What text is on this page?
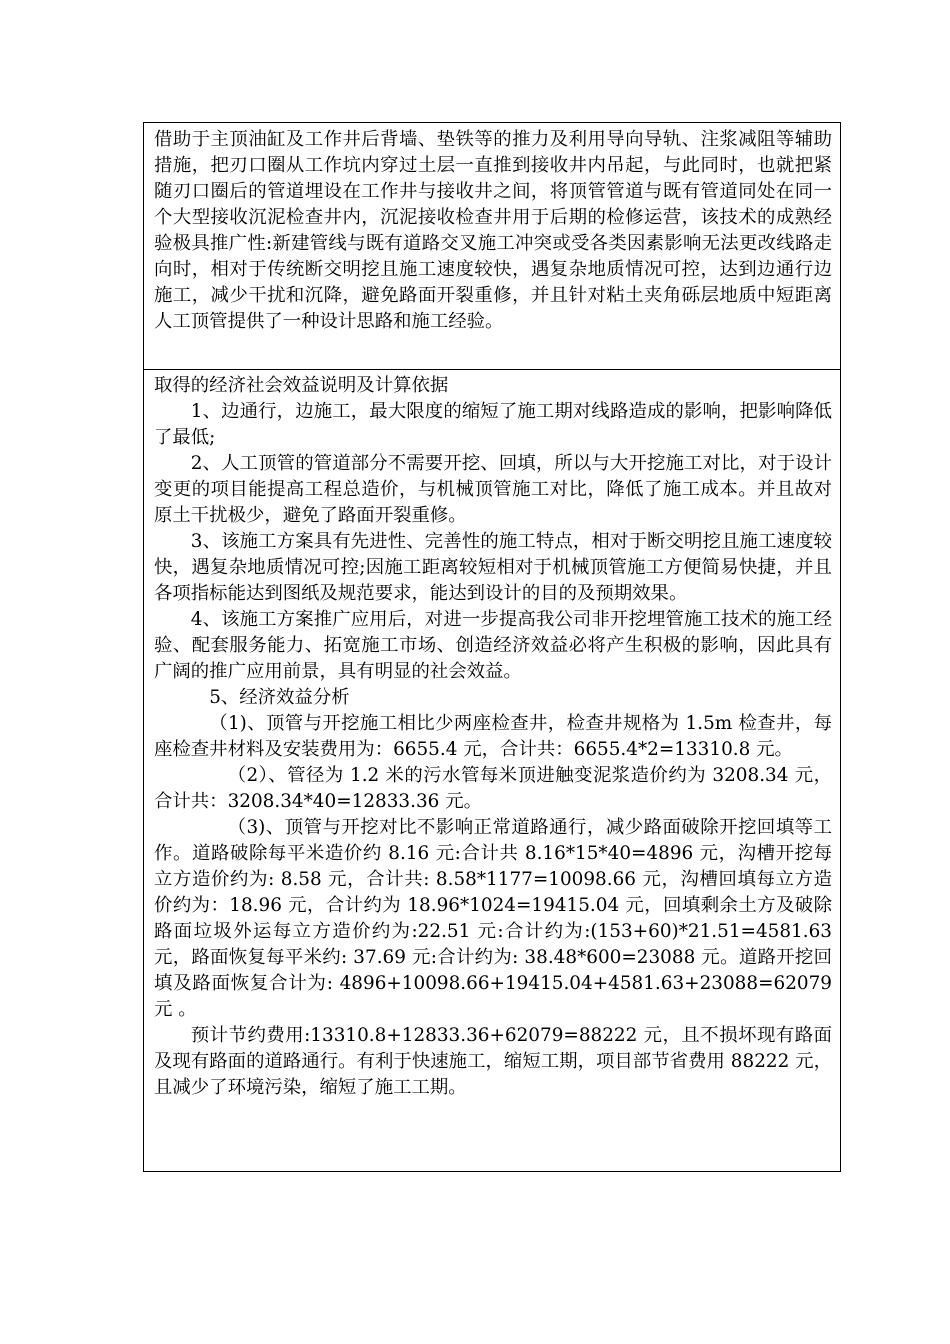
借助于主顶油缸及工作井后背墙、垫铁等的推力及利用导向导轨、注浆减阻等辅助措施，把刃口圈从工作坑内穿过土层一直推到接收井内吊起，与此同时，也就把紧随刃口圈后的管道埋设在工作井与接收井之间，将顶管管道与既有管道同处在同一个大型接收沉泥检查井内，沉泥接收检查井用于后期的检修运营，该技术的成熟经验极具推广性:新建管线与既有道路交叉施工冲突或受各类因素影响无法更改线路走向时，相对于传统断交明挖且施工速度较快，遇复杂地质情况可控，达到边通行边施工，减少干扰和沉降，避免路面开裂重修，并且针对粘土夹角砾层地质中短距离人工顶管提供了一种设计思路和施工经验。

取得的经济社会效益说明及计算依据

1、边通行，边施工，最大限度的缩短了施工期对线路造成的影响，把影响降低了最低;

2、人工顶管的管道部分不需要开挖、回填，所以与大开挖施工对比，对于设计变更的项目能提高工程总造价，与机械顶管施工对比，降低了施工成本。并且故对原土干扰极少，避免了路面开裂重修。

3、该施工方案具有先进性、完善性的施工特点，相对于断交明挖且施工速度较快，遇复杂地质情况可控;因施工距离较短相对于机械顶管施工方便简易快捷，并且各项指标能达到图纸及规范要求，能达到设计的目的及预期效果。

4、该施工方案推广应用后，对进一步提高我公司非开挖埋管施工技术的施工经验、配套服务能力、拓宽施工市场、创造经济效益必将产生积极的影响，因此具有广阔的推广应用前景，具有明显的社会效益。

5、经济效益分析

（1)、顶管与开挖施工相比少两座检查井，检查井规格为 1.5m 检查井，每座检查井材料及安装费用为：6655.4 元，合计共：6655.4*2=13310.8 元。

（2）、管径为 1.2 米的污水管每米顶进触变泥浆造价约为 3208.34 元，合计共：3208.34*40=12833.36 元。

（3)、顶管与开挖对比不影响正常道路通行，减少路面破除开挖回填等工作。道路破除每平米造价约 8.16 元:合计共 8.16*15*40=4896 元，沟槽开挖每立方造价约为: 8.58 元，合计共: 8.58*1177=10098.66 元，沟槽回填每立方造价约为：18.96 元，合计约为 18.96*1024=19415.04 元，回填剩余土方及破除路面垃圾外运每立方造价约为:22.51 元:合计约为:(153+60)*21.51=4581.63 元，路面恢复每平米约: 37.69 元:合计约为: 38.48*600=23088 元。道路开挖回填及路面恢复合计为: 4896+10098.66+19415.04+4581.63+23088=62079 元 。

预计节约费用:13310.8+12833.36+62079=88222 元，且不损坏现有路面及现有路面的道路通行。有利于快速施工，缩短工期，项目部节省费用 88222 元，且减少了环境污染，缩短了施工工期。
